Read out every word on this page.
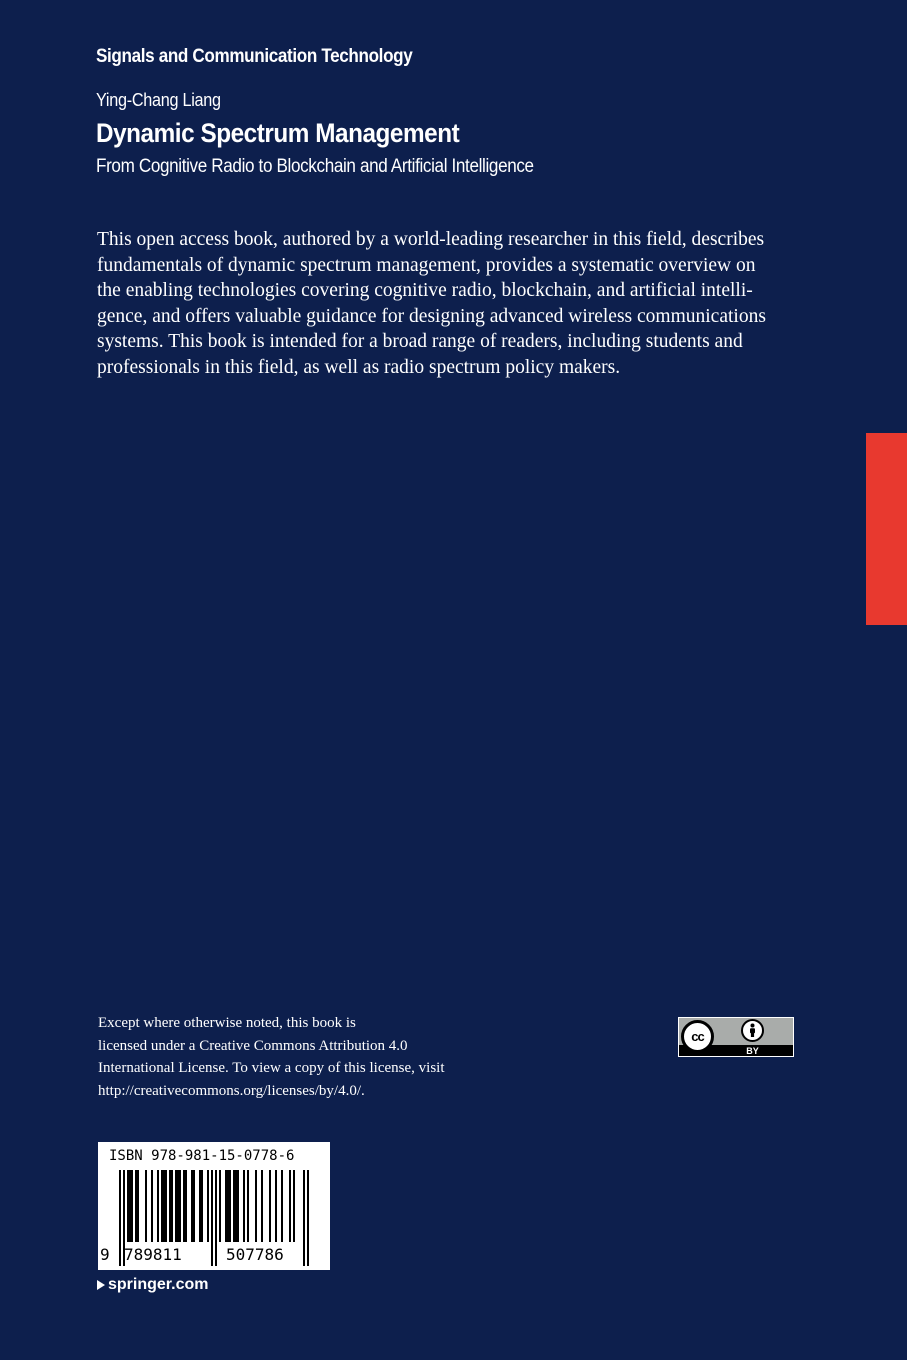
Signals and Communication Technology
Ying-Chang Liang
Dynamic Spectrum Management
From Cognitive Radio to Blockchain and Artificial Intelligence

This open access book, authored by a world-leading researcher in this field, describes
fundamentals of dynamic spectrum management, provides a systematic overview on
the enabling technologies covering cognitive radio, blockchain, and artificial intelli-
gence, and offers valuable guidance for designing advanced wireless communications
systems. This book is intended for a broad range of readers, including students and
professionals in this field, as well as radio spectrum policy makers.

Except where otherwise noted, this book is
licensed under a Creative Commons Attribution 4.0
International License. To view a copy of this license, visit
http://creativecommons.org/licenses/by/4.0/.
cc
BY
ISBN 978-981-15-0778-6
9 789811	507786
springer.com
